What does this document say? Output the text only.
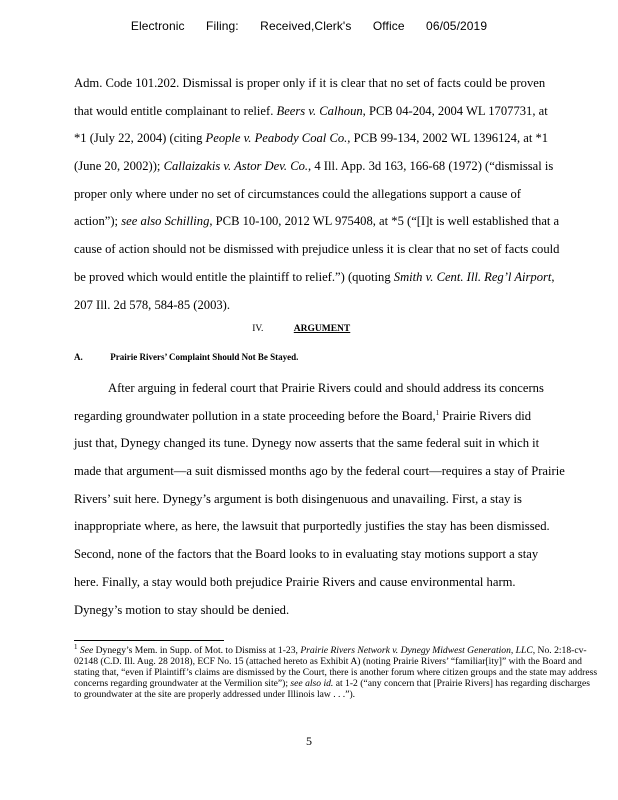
Electronic Filing: Received,Clerk's Office 06/05/2019
Adm. Code 101.202. Dismissal is proper only if it is clear that no set of facts could be proven
that would entitle complainant to relief. Beers v. Calhoun, PCB 04-204, 2004 WL 1707731, at
*1 (July 22, 2004) (citing People v. Peabody Coal Co., PCB 99-134, 2002 WL 1396124, at *1
(June 20, 2002)); Callaizakis v. Astor Dev. Co., 4 Ill. App. 3d 163, 166-68 (1972) (“dismissal is
proper only where under no set of circumstances could the allegations support a cause of
action”); see also Schilling, PCB 10-100, 2012 WL 975408, at *5 (“[I]t is well established that a
cause of action should not be dismissed with prejudice unless it is clear that no set of facts could
be proved which would entitle the plaintiff to relief.”) (quoting Smith v. Cent. Ill. Reg’l Airport,
207 Ill. 2d 578, 584-85 (2003).
IV.	ARGUMENT
A.	Prairie Rivers’ Complaint Should Not Be Stayed.
After arguing in federal court that Prairie Rivers could and should address its concerns
regarding groundwater pollution in a state proceeding before the Board,$^1$ Prairie Rivers did
just that, Dynegy changed its tune. Dynegy now asserts that the same federal suit in which it
made that argument—a suit dismissed months ago by the federal court—requires a stay of Prairie
Rivers’ suit here. Dynegy’s argument is both disingenuous and unavailing. First, a stay is
inappropriate where, as here, the lawsuit that purportedly justifies the stay has been dismissed.
Second, none of the factors that the Board looks to in evaluating stay motions support a stay
here. Finally, a stay would both prejudice Prairie Rivers and cause environmental harm.
Dynegy’s motion to stay should be denied.
$^1$ See Dynegy’s Mem. in Supp. of Mot. to Dismiss at 1-23, Prairie Rivers Network v. Dynegy Midwest Generation, LLC, No. 2:18-cv-02148 (C.D. Ill. Aug. 28 2018), ECF No. 15 (attached hereto as Exhibit A) (noting Prairie Rivers’ “familiar[ity]” with the Board and stating that, “even if Plaintiff’s claims are dismissed by the Court, there is another forum where citizen groups and the state may address concerns regarding groundwater at the Vermilion site”); see also id. at 1-2 (“any concern that [Prairie Rivers] has regarding discharges to groundwater at the site are properly addressed under Illinois law . . .”).
5
